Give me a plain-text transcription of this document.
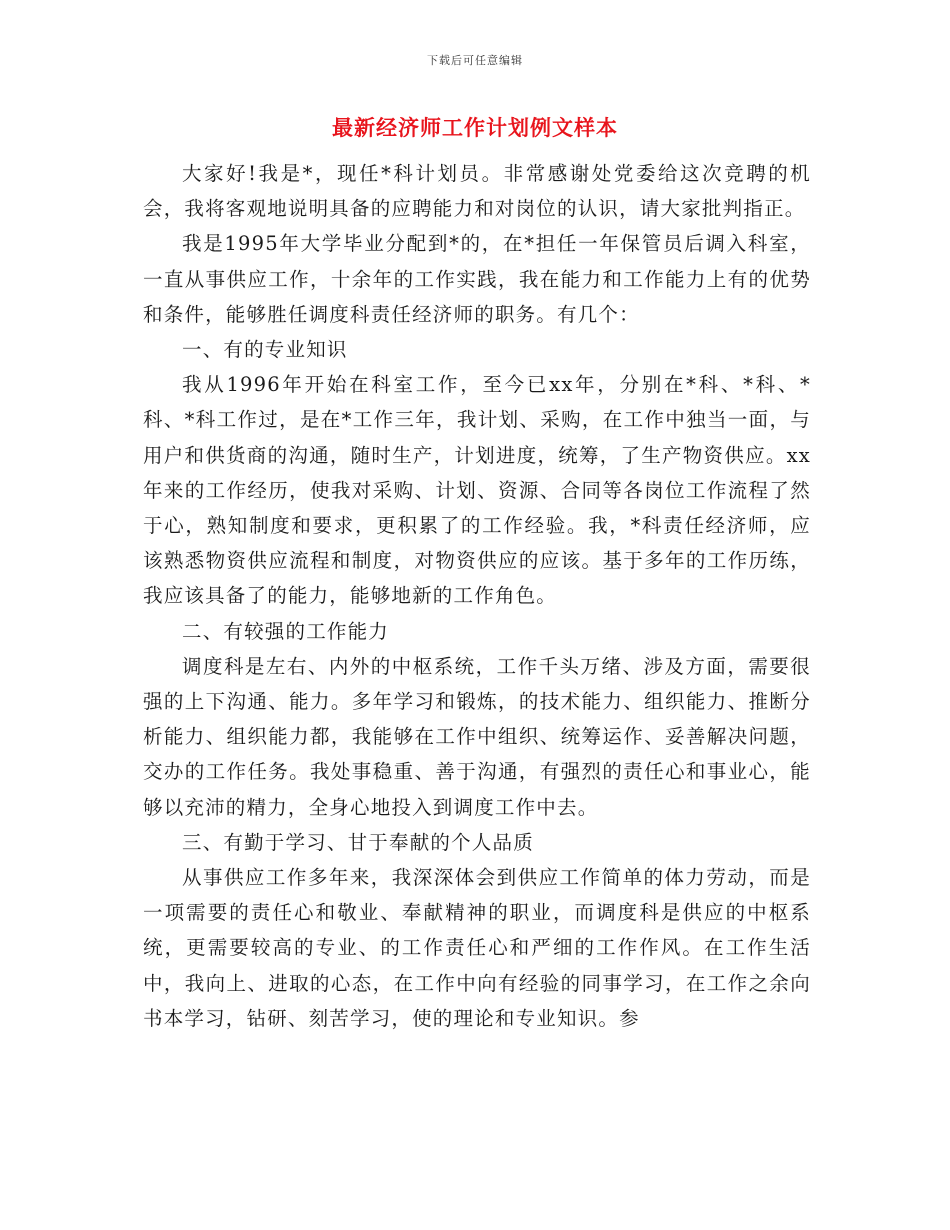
下载后可任意编辑
最新经济师工作计划例文样本

大家好!我是*，现任*科计划员。非常感谢处党委给这次竞聘的机会，我将客观地说明具备的应聘能力和对岗位的认识，请大家批判指正。

我是1995年大学毕业分配到*的，在*担任一年保管员后调入科室，一直从事供应工作，十余年的工作实践，我在能力和工作能力上有的优势和条件，能够胜任调度科责任经济师的职务。有几个：

一、有的专业知识

我从1996年开始在科室工作，至今已xx年，分别在*科、*科、*科、*科工作过，是在*工作三年，我计划、采购，在工作中独当一面，与用户和供货商的沟通，随时生产，计划进度，统筹，了生产物资供应。xx年来的工作经历，使我对采购、计划、资源、合同等各岗位工作流程了然于心，熟知制度和要求，更积累了的工作经验。我，*科责任经济师，应该熟悉物资供应流程和制度，对物资供应的应该。基于多年的工作历练，我应该具备了的能力，能够地新的工作角色。

二、有较强的工作能力

调度科是左右、内外的中枢系统，工作千头万绪、涉及方面，需要很强的上下沟通、能力。多年学习和锻炼，的技术能力、组织能力、推断分析能力、组织能力都，我能够在工作中组织、统筹运作、妥善解决问题，交办的工作任务。我处事稳重、善于沟通，有强烈的责任心和事业心，能够以充沛的精力，全身心地投入到调度工作中去。

三、有勤于学习、甘于奉献的个人品质

从事供应工作多年来，我深深体会到供应工作简单的体力劳动，而是一项需要的责任心和敬业、奉献精神的职业，而调度科是供应的中枢系统，更需要较高的专业、的工作责任心和严细的工作作风。在工作生活中，我向上、进取的心态，在工作中向有经验的同事学习，在工作之余向书本学习，钻研、刻苦学习，使的理论和专业知识。参
